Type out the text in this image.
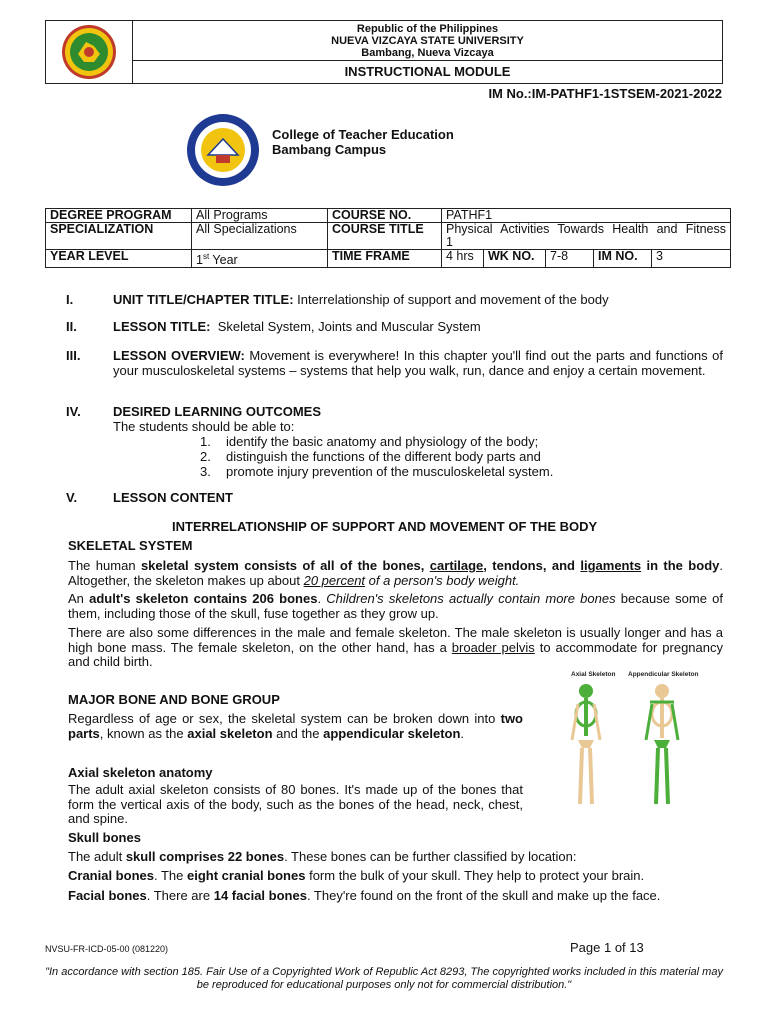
Republic of the Philippines
NUEVA VIZCAYA STATE UNIVERSITY
Bambang, Nueva Vizcaya
INSTRUCTIONAL MODULE
IM No.:IM-PATHF1-1STSEM-2021-2022
College of Teacher Education
Bambang Campus
DEGREE PROGRAM	All Programs	COURSE NO.	PATHF1				
SPECIALIZATION	All Specializations	COURSE TITLE	Physical Activities Towards Health and Fitness 1				
YEAR LEVEL	1st Year	TIME FRAME	4 hrs	WK NO.	7-8	IM NO.	3
I.	UNIT TITLE/CHAPTER TITLE: Interrelationship of support and movement of the body
II.	LESSON TITLE:  Skeletal System, Joints and Muscular System
III.	LESSON OVERVIEW: Movement is everywhere! In this chapter you'll find out the parts and functions of your musculoskeletal systems – systems that help you walk, run, dance and enjoy a certain movement.
IV. DESIRED LEARNING OUTCOMES
The students should be able to:
1. identify the basic anatomy and physiology of the body;
2. distinguish the functions of the different body parts and
3. promote injury prevention of the musculoskeletal system.
V.	LESSON CONTENT
INTERRELATIONSHIP OF SUPPORT AND MOVEMENT OF THE BODY
SKELETAL SYSTEM
The human skeletal system consists of all of the bones, cartilage, tendons, and ligaments in the body. Altogether, the skeleton makes up about 20 percent of a person's body weight.
An adult's skeleton contains 206 bones. Children's skeletons actually contain more bones because some of them, including those of the skull, fuse together as they grow up.
There are also some differences in the male and female skeleton. The male skeleton is usually longer and has a high bone mass. The female skeleton, on the other hand, has a broader pelvis to accommodate for pregnancy and child birth.
Axial Skeleton Appendicular Skeleton
MAJOR BONE AND BONE GROUP
Regardless of age or sex, the skeletal system can be broken down into two parts, known as the axial skeleton and the appendicular skeleton.
Axial skeleton anatomy
The adult axial skeleton consists of 80 bones. It's made up of the bones that form the vertical axis of the body, such as the bones of the head, neck, chest, and spine.
Skull bones
The adult skull comprises 22 bones. These bones can be further classified by location:
Cranial bones. The eight cranial bones form the bulk of your skull. They help to protect your brain.
Facial bones. There are 14 facial bones. They're found on the front of the skull and make up the face.
NVSU-FR-ICD-05-00 (081220)	Page 1 of 13
"In accordance with section 185. Fair Use of a Copyrighted Work of Republic Act 8293, The copyrighted works included in this material may be reproduced for educational purposes only not for commercial distribution."
